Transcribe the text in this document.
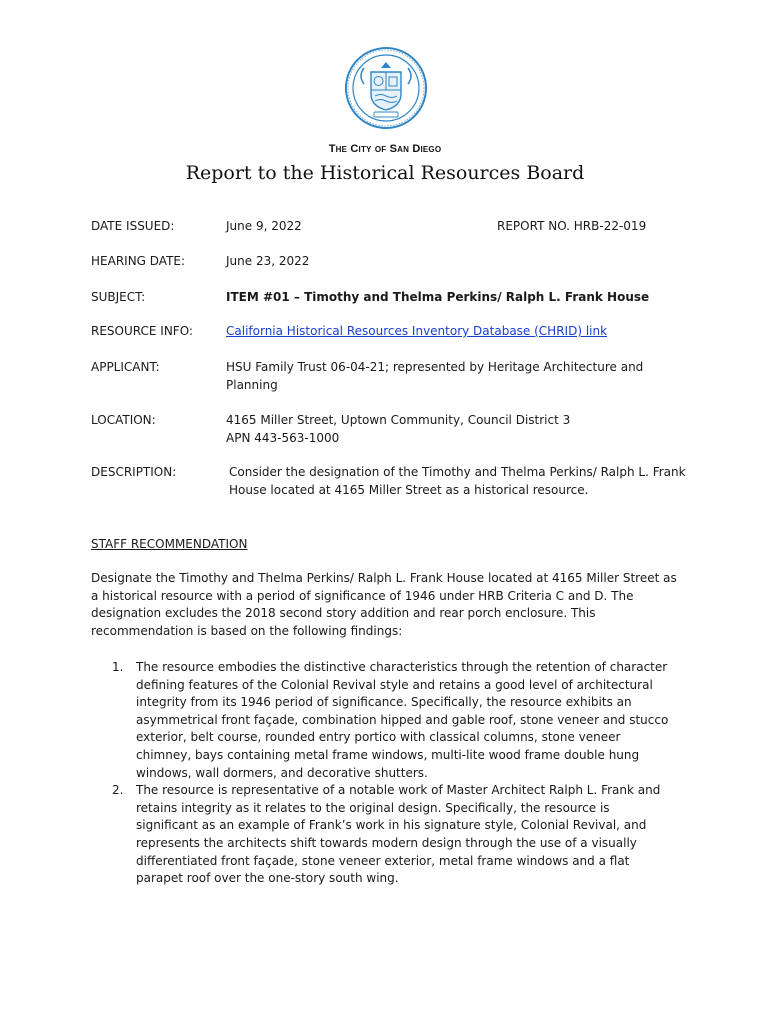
The City of San Diego
Report to the Historical Resources Board
DATE ISSUED:	June 9, 2022	REPORT NO. HRB-22-019
HEARING DATE:	June 23, 2022
SUBJECT:	ITEM #01 – Timothy and Thelma Perkins/ Ralph L. Frank House
RESOURCE INFO:	California Historical Resources Inventory Database (CHRID) link
APPLICANT:	HSU Family Trust 06-04-21; represented by Heritage Architecture and
Planning
LOCATION:	4165 Miller Street, Uptown Community, Council District 3
APN 443-563-1000
DESCRIPTION:	Consider the designation of the Timothy and Thelma Perkins/ Ralph L. Frank
House located at 4165 Miller Street as a historical resource.
STAFF RECOMMENDATION
Designate the Timothy and Thelma Perkins/ Ralph L. Frank House located at 4165 Miller Street as a historical resource with a period of significance of 1946 under HRB Criteria C and D. The designation excludes the 2018 second story addition and rear porch enclosure. This recommendation is based on the following findings:
1. The resource embodies the distinctive characteristics through the retention of character defining features of the Colonial Revival style and retains a good level of architectural integrity from its 1946 period of significance. Specifically, the resource exhibits an asymmetrical front façade, combination hipped and gable roof, stone veneer and stucco exterior, belt course, rounded entry portico with classical columns, stone veneer chimney, bays containing metal frame windows, multi-lite wood frame double hung windows, wall dormers, and decorative shutters.
2. The resource is representative of a notable work of Master Architect Ralph L. Frank and retains integrity as it relates to the original design. Specifically, the resource is significant as an example of Frank’s work in his signature style, Colonial Revival, and represents the architects shift towards modern design through the use of a visually differentiated front façade, stone veneer exterior, metal frame windows and a flat parapet roof over the one-story south wing.
